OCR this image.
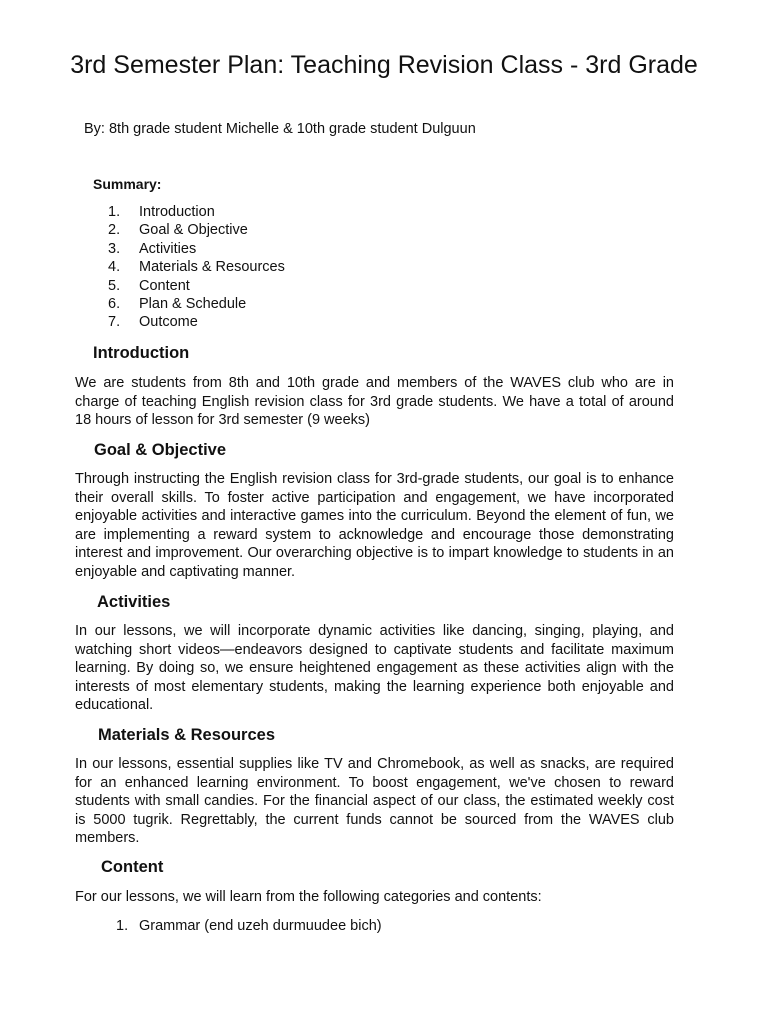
3rd Semester Plan: Teaching Revision Class - 3rd Grade

By: 8th grade student Michelle & 10th grade student Dulguun

Summary:

1.	Introduction
2.	Goal & Objective
3.	Activities
4.	Materials & Resources
5.	Content
6.	Plan & Schedule
7.	Outcome
Introduction

We are students from 8th and 10th grade and members of the WAVES club who are in charge of teaching English revision class for 3rd grade students. We have a total of around 18 hours of lesson for 3rd semester (9 weeks)

Goal & Objective

Through instructing the English revision class for 3rd-grade students, our goal is to enhance their overall skills. To foster active participation and engagement, we have incorporated enjoyable activities and interactive games into the curriculum. Beyond the element of fun, we are implementing a reward system to acknowledge and encourage those demonstrating interest and improvement. Our overarching objective is to impart knowledge to students in an enjoyable and captivating manner.

Activities

In our lessons, we will incorporate dynamic activities like dancing, singing, playing, and watching short videos—endeavors designed to captivate students and facilitate maximum learning. By doing so, we ensure heightened engagement as these activities align with the interests of most elementary students, making the learning experience both enjoyable and educational.

Materials & Resources

In our lessons, essential supplies like TV and Chromebook, as well as snacks, are required for an enhanced learning environment. To boost engagement, we've chosen to reward students with small candies. For the financial aspect of our class, the estimated weekly cost is 5000 tugrik. Regrettably, the current funds cannot be sourced from the WAVES club members.

Content

For our lessons, we will learn from the following categories and contents:

1. Grammar (end uzeh durmuudee bich)
